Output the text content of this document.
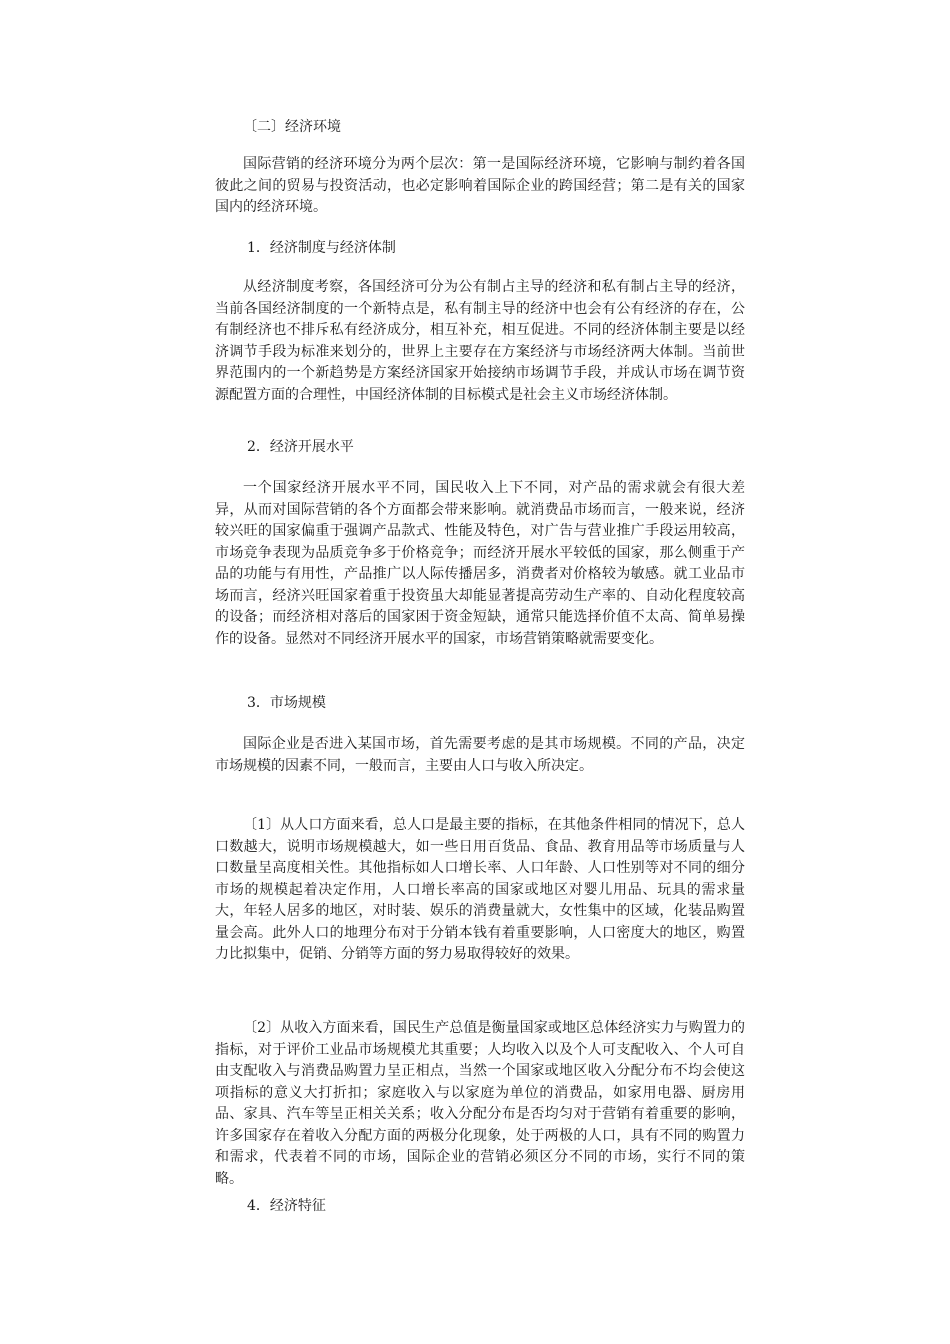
〔二〕经济环境

国际营销的经济环境分为两个层次：第一是国际经济环境，它影响与制约着各国彼此之间的贸易与投资活动，也必定影响着国际企业的跨国经营；第二是有关的国家国内的经济环境。

1．经济制度与经济体制

从经济制度考察，各国经济可分为公有制占主导的经济和私有制占主导的经济，当前各国经济制度的一个新特点是，私有制主导的经济中也会有公有经济的存在，公有制经济也不排斥私有经济成分，相互补充，相互促进。不同的经济体制主要是以经济调节手段为标准来划分的，世界上主要存在方案经济与市场经济两大体制。当前世界范围内的一个新趋势是方案经济国家开始接纳市场调节手段，并成认市场在调节资源配置方面的合理性，中国经济体制的目标模式是社会主义市场经济体制。

2．经济开展水平

一个国家经济开展水平不同，国民收入上下不同，对产品的需求就会有很大差异，从而对国际营销的各个方面都会带来影响。就消费品市场而言，一般来说，经济较兴旺的国家偏重于强调产品款式、性能及特色，对广告与营业推广手段运用较高，市场竞争表现为品质竞争多于价格竞争；而经济开展水平较低的国家，那么侧重于产品的功能与有用性，产品推广以人际传播居多，消费者对价格较为敏感。就工业品市场而言，经济兴旺国家着重于投资虽大却能显著提高劳动生产率的、自动化程度较高的设备；而经济相对落后的国家困于资金短缺，通常只能选择价值不太高、简单易操作的设备。显然对不同经济开展水平的国家，市场营销策略就需要变化。

3．市场规模

国际企业是否进入某国市场，首先需要考虑的是其市场规模。不同的产品，决定市场规模的因素不同，一般而言，主要由人口与收入所决定。

〔1〕从人口方面来看，总人口是最主要的指标，在其他条件相同的情况下，总人口数越大，说明市场规模越大，如一些日用百货品、食品、教育用品等市场质量与人口数量呈高度相关性。其他指标如人口增长率、人口年龄、人口性别等对不同的细分市场的规模起着决定作用，人口增长率高的国家或地区对婴儿用品、玩具的需求量大，年轻人居多的地区，对时装、娱乐的消费量就大，女性集中的区域，化装品购置量会高。此外人口的地理分布对于分销本钱有着重要影响，人口密度大的地区，购置力比拟集中，促销、分销等方面的努力易取得较好的效果。

〔2〕从收入方面来看，国民生产总值是衡量国家或地区总体经济实力与购置力的指标，对于评价工业品市场规模尤其重要；人均收入以及个人可支配收入、个人可自由支配收入与消费品购置力呈正相点，当然一个国家或地区收入分配分布不均会使这项指标的意义大打折扣；家庭收入与以家庭为单位的消费品，如家用电器、厨房用品、家具、汽车等呈正相关关系；收入分配分布是否均匀对于营销有着重要的影响，许多国家存在着收入分配方面的两极分化现象，处于两极的人口，具有不同的购置力和需求，代表着不同的市场，国际企业的营销必须区分不同的市场，实行不同的策略。

4．经济特征
